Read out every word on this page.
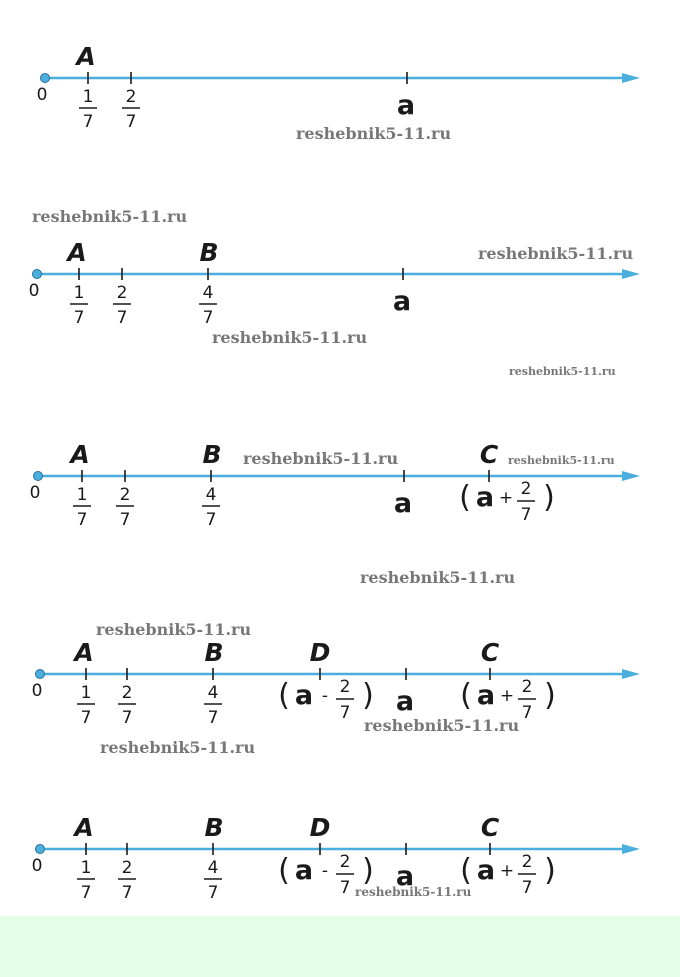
0
A
1
7
2
7
a
0
A
1
7
2
7
B
4
7
a
0
A
1
7
2
7
B
4
7
a
C
( a + 2
7 )
0
A
1
7
2
7
B
4
7
a
D
( a - 2
7 )
C
( a + 2
7 )
0
A
1
7
2
7
B
4
7
a
D
( a - 2
7 )
C
( a + 2
7 )
reshebnik5-11.ru
reshebnik5-11.ru
reshebnik5-11.ru
reshebnik5-11.ru
reshebnik5-11.ru
reshebnik5-11.ru	reshebnik5-11.ru
reshebnik5-11.ru
reshebnik5-11.ru
reshebnik5-11.ru
reshebnik5-11.ru
reshebnik5-11.ru
